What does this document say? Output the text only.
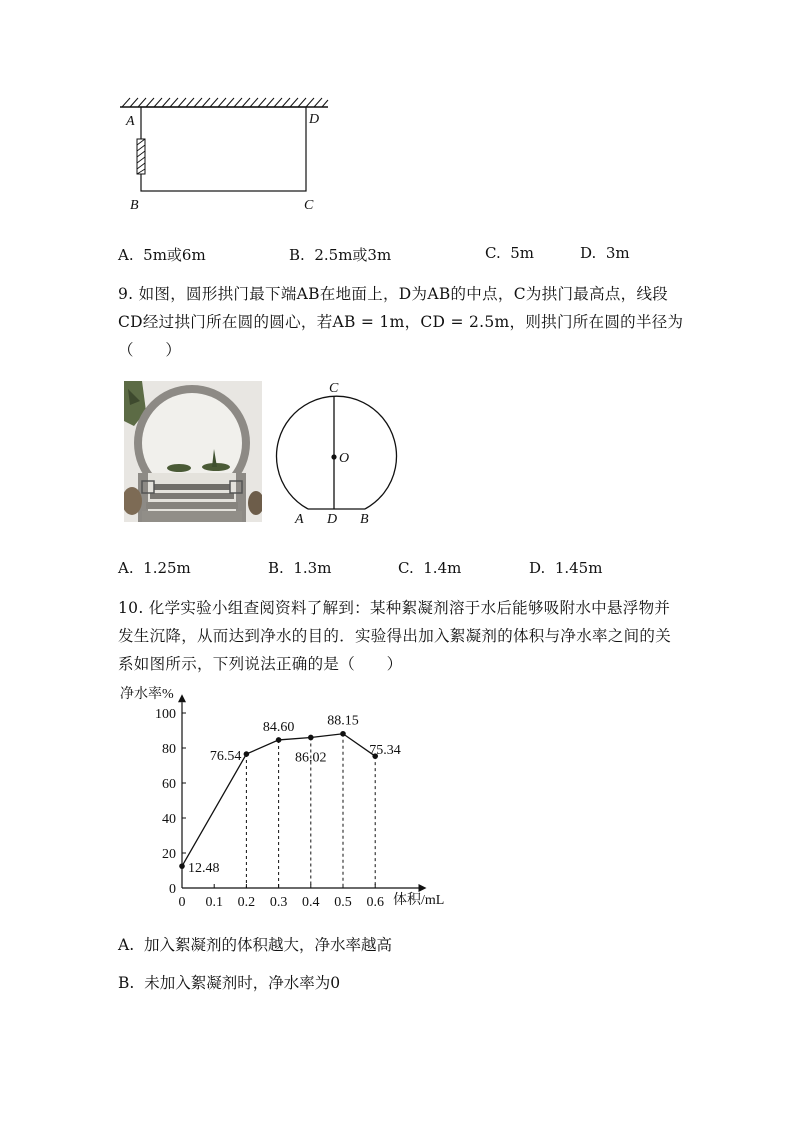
A	D
B	C
A. 5m或6m	B. 2.5m或3m	C. 5m	D. 3m
9. 如图，圆形拱门最下端AB在地面上，D为AB的中点，C为拱门最高点，线段
CD经过拱门所在圆的圆心，若AB = 1m，CD = 2.5m，则拱门所在圆的半径为
（　　）
C
O
A D B
A. 1.25m	B. 1.3m	C. 1.4m	D. 1.45m
10. 化学实验小组查阅资料了解到：某种絮凝剂溶于水后能够吸附水中悬浮物并
发生沉降，从而达到净水的目的．实验得出加入絮凝剂的体积与净水率之间的关
系如图所示，下列说法正确的是（　　）
0
20
40
60
80
100
0 0.1 0.2 0.3 0.4 0.5 0.6
12.48
76.54
84.60
86.02
88.15
75.34
净水率%
体积/mL
A. 加入絮凝剂的体积越大，净水率越高
B. 未加入絮凝剂时，净水率为0
